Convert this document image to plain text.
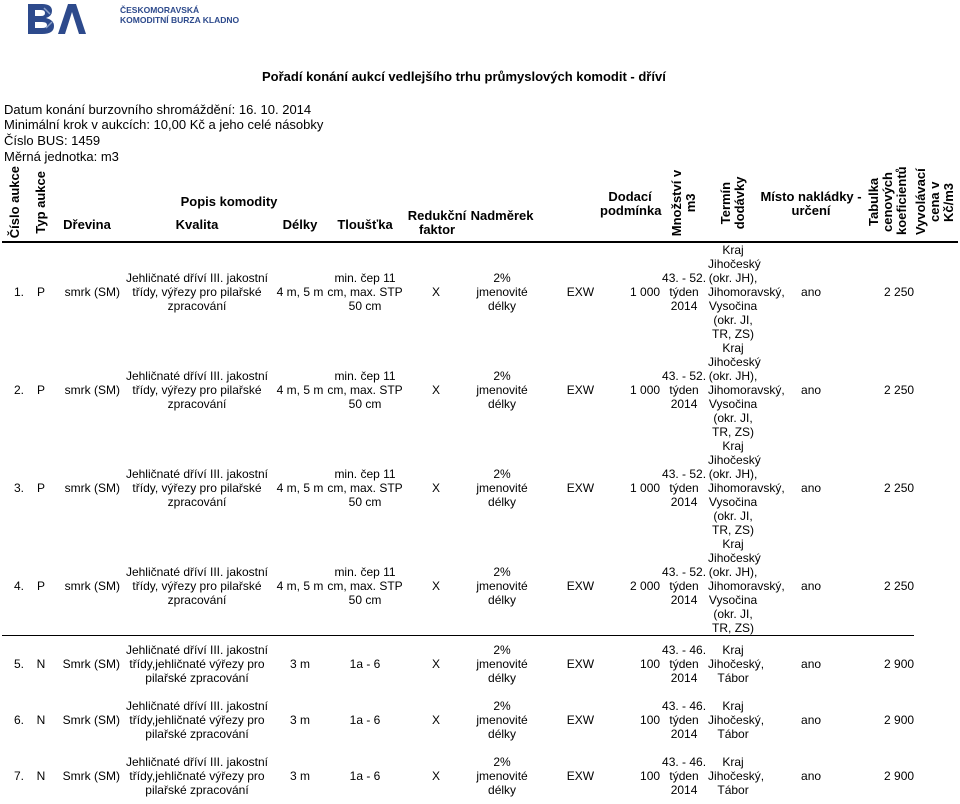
ČESKOMORAVSKÁ
KOMODITNÍ BURZA KLADNO
Pořadí konání aukcí vedlejšího trhu průmyslových komodit - dříví
Datum konání burzovního shromáždění: 16. 10. 2014
Minimální krok v aukcích: 10,00 Kč a jeho celé násobky
Číslo BUS: 1459
Měrná jednotka: m3
Číslo aukce	Typ aukce	Popis komodity							Dodací podmínka	Množství v m3	Termín dodávky	Místo nakládky - určení	Tabulka cenových koeficientů	Vyvolávací cena v Kč/m3
		Dřevina	Kvalita	Délky	Tloušťka	Redukční faktor	Nadměrek							
1.	P	smrk (SM)	Jehličnaté dříví III. jakostní třídy, výřezy pro pilařské zpracování	4 m, 5 m	min. čep 11 cm, max. STP 50 cm	X	2% jmenovité délky	EXW	1 000	43. - 52. týden 2014	Kraj Jihočeský (okr. JH), Jihomoravský, Vysočina (okr. JI, TR, ZS)	ano	2 250	
2.	P	smrk (SM)	Jehličnaté dříví III. jakostní třídy, výřezy pro pilařské zpracování	4 m, 5 m	min. čep 11 cm, max. STP 50 cm	X	2% jmenovité délky	EXW	1 000	43. - 52. týden 2014	Kraj Jihočeský (okr. JH), Jihomoravský, Vysočina (okr. JI, TR, ZS)	ano	2 250	
3.	P	smrk (SM)	Jehličnaté dříví III. jakostní třídy, výřezy pro pilařské zpracování	4 m, 5 m	min. čep 11 cm, max. STP 50 cm	X	2% jmenovité délky	EXW	1 000	43. - 52. týden 2014	Kraj Jihočeský (okr. JH), Jihomoravský, Vysočina (okr. JI, TR, ZS)	ano	2 250	
4.	P	smrk (SM)	Jehličnaté dříví III. jakostní třídy, výřezy pro pilařské zpracování	4 m, 5 m	min. čep 11 cm, max. STP 50 cm	X	2% jmenovité délky	EXW	2 000	43. - 52. týden 2014	Kraj Jihočeský (okr. JH), Jihomoravský, Vysočina (okr. JI, TR, ZS)	ano	2 250	
5.	N	Smrk (SM)	Jehličnaté dříví III. jakostní třídy,jehličnaté výřezy pro pilařské zpracování	3 m	1a - 6	X	2% jmenovité délky	EXW	100	43. - 46. týden 2014	Kraj Jihočeský, Tábor	ano	2 900	
6.	N	Smrk (SM)	Jehličnaté dříví III. jakostní třídy,jehličnaté výřezy pro pilařské zpracování	3 m	1a - 6	X	2% jmenovité délky	EXW	100	43. - 46. týden 2014	Kraj Jihočeský, Tábor	ano	2 900	
7.	N	Smrk (SM)	Jehličnaté dříví III. jakostní třídy,jehličnaté výřezy pro pilařské zpracování	3 m	1a - 6	X	2% jmenovité délky	EXW	100	43. - 46. týden 2014	Kraj Jihočeský, Tábor	ano	2 900	
